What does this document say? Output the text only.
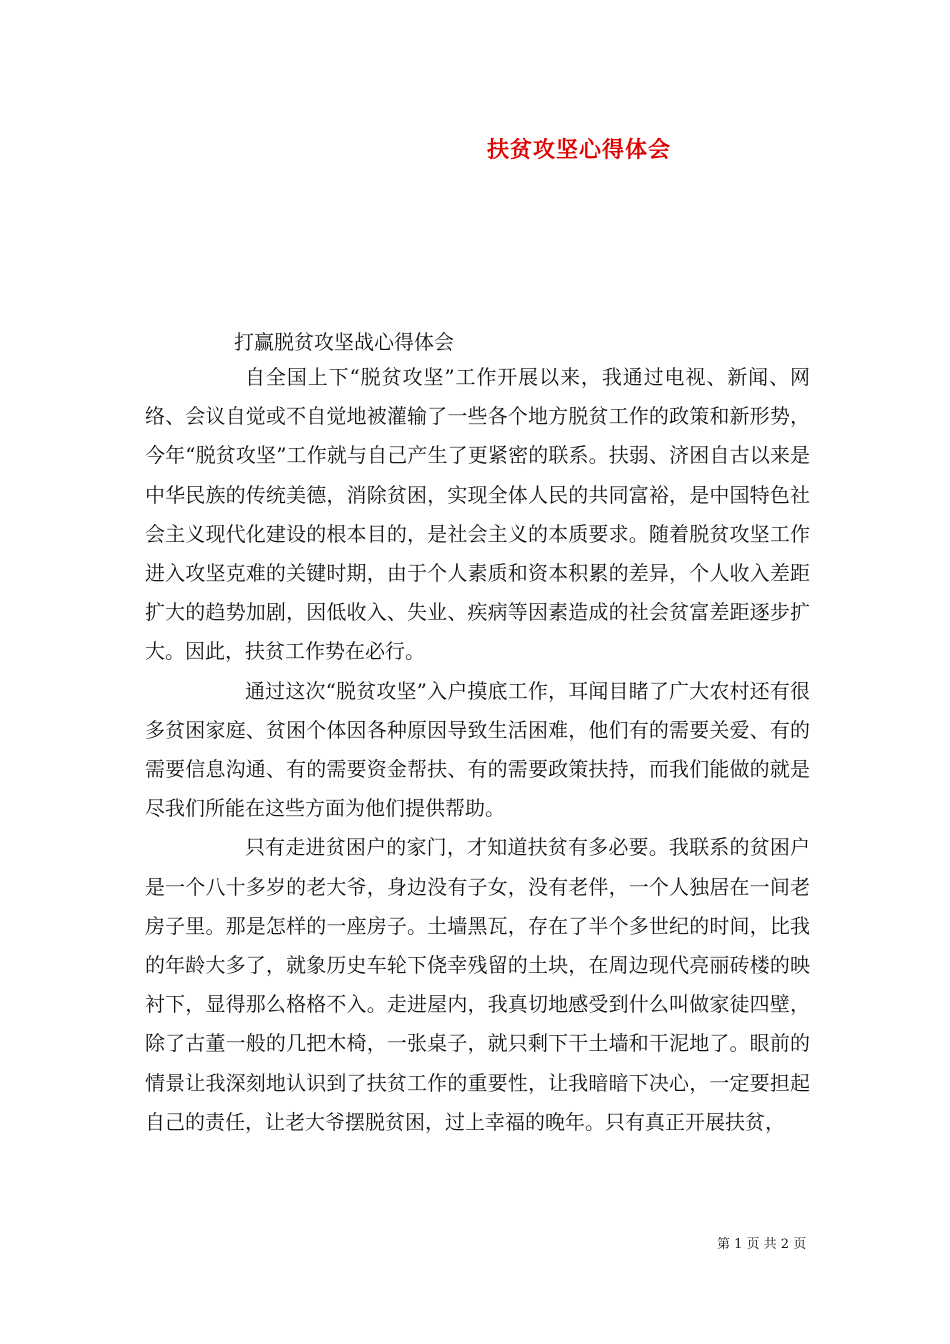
扶贫攻坚心得体会
打赢脱贫攻坚战心得体会

自全国上下“脱贫攻坚”工作开展以来，我通过电视、新闻、网络、会议自觉或不自觉地被灌输了一些各个地方脱贫工作的政策和新形势，今年“脱贫攻坚”工作就与自己产生了更紧密的联系。扶弱、济困自古以来是中华民族的传统美德，消除贫困，实现全体人民的共同富裕，是中国特色社会主义现代化建设的根本目的，是社会主义的本质要求。随着脱贫攻坚工作进入攻坚克难的关键时期，由于个人素质和资本积累的差异，个人收入差距扩大的趋势加剧，因低收入、失业、疾病等因素造成的社会贫富差距逐步扩大。因此，扶贫工作势在必行。

通过这次“脱贫攻坚”入户摸底工作，耳闻目睹了广大农村还有很多贫困家庭、贫困个体因各种原因导致生活困难，他们有的需要关爱、有的需要信息沟通、有的需要资金帮扶、有的需要政策扶持，而我们能做的就是尽我们所能在这些方面为他们提供帮助。

只有走进贫困户的家门，才知道扶贫有多必要。我联系的贫困户是一个八十多岁的老大爷，身边没有子女，没有老伴，一个人独居在一间老房子里。那是怎样的一座房子。土墙黑瓦，存在了半个多世纪的时间，比我的年龄大多了，就象历史车轮下侥幸残留的土块，在周边现代亮丽砖楼的映衬下，显得那么格格不入。走进屋内，我真切地感受到什么叫做家徒四壁，除了古董一般的几把木椅，一张桌子，就只剩下干土墙和干泥地了。眼前的情景让我深刻地认识到了扶贫工作的重要性，让我暗暗下决心，一定要担起自己的责任，让老大爷摆脱贫困，过上幸福的晚年。只有真正开展扶贫，

第 1 页 共 2 页
